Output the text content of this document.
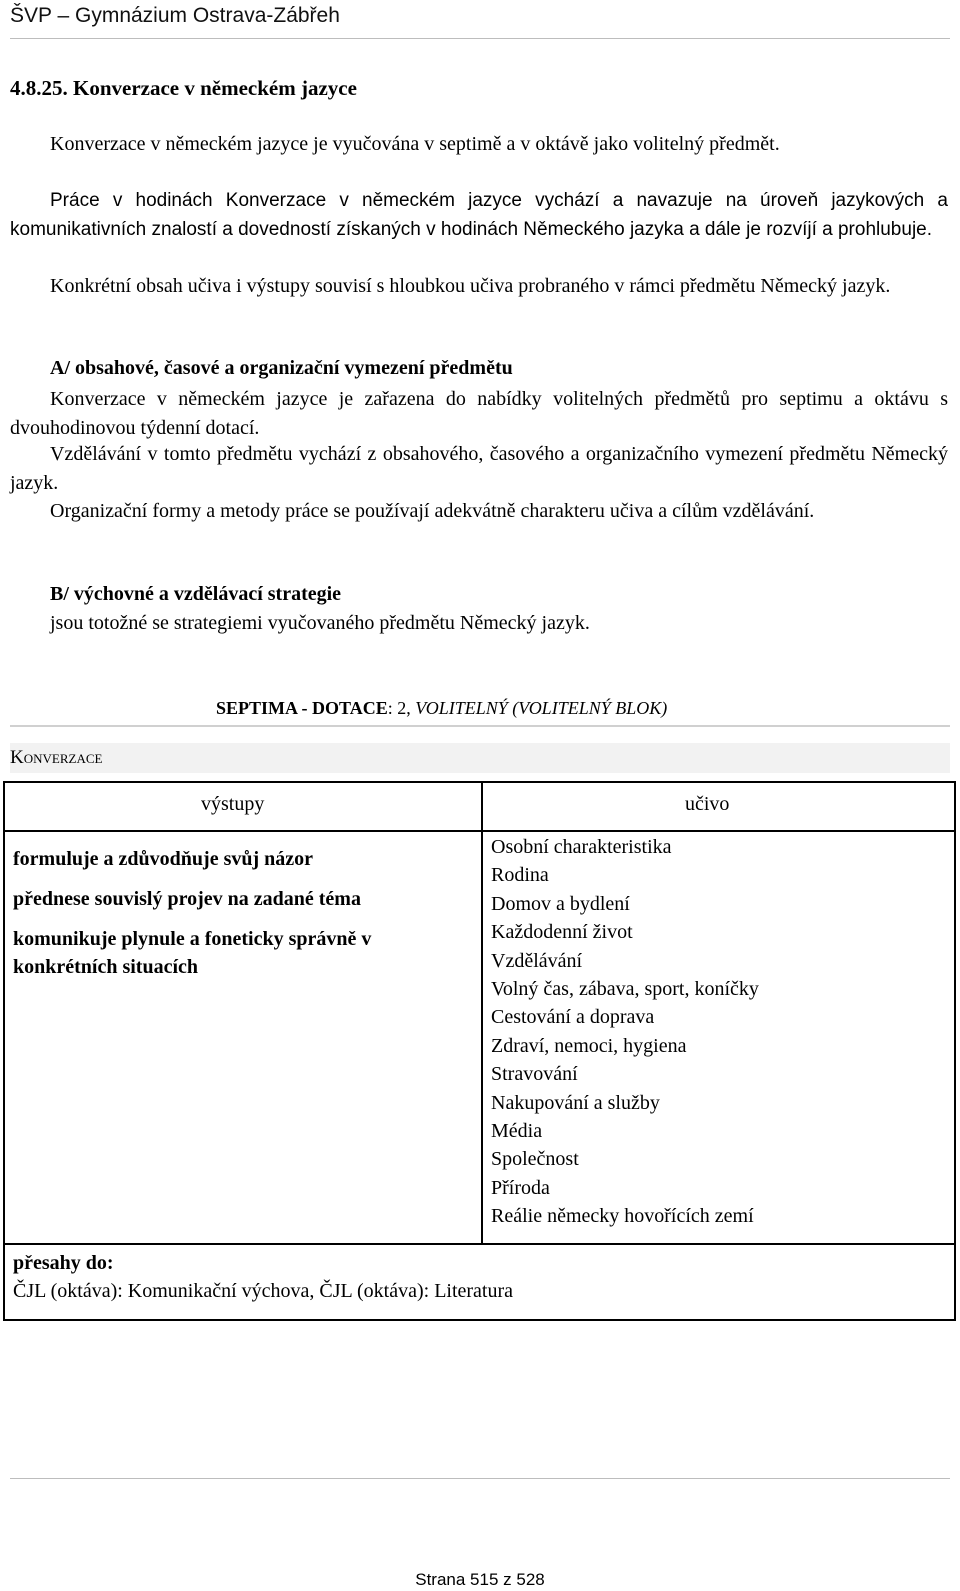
ŠVP – Gymnázium Ostrava-Zábřeh
4.8.25. Konverzace v německém jazyce
Konverzace v německém jazyce je vyučována v septimě a v oktávě jako volitelný předmět.
Práce v hodinách Konverzace v německém jazyce vychází a navazuje na úroveň jazykových a komunikativních znalostí a dovedností získaných v hodinách Německého jazyka a dále je rozvíjí a prohlubuje.
Konkrétní obsah učiva i výstupy souvisí s hloubkou učiva probraného v rámci předmětu Německý jazyk.
A/ obsahové, časové a organizační vymezení předmětu
Konverzace v německém jazyce je zařazena do nabídky volitelných předmětů pro septimu a oktávu s dvouhodinovou týdenní dotací.
Vzdělávání v tomto předmětu vychází z obsahového, časového a organizačního vymezení předmětu Německý jazyk.
Organizační formy a metody práce se používají adekvátně charakteru učiva a cílům vzdělávání.
B/ výchovné a vzdělávací strategie
jsou totožné se strategiemi vyučovaného předmětu Německý jazyk.
SEPTIMA - DOTACE: 2, VOLITELNÝ (VOLITELNÝ BLOK)
Konverzace
výstupy	učivo
formuluje a zdůvodňuje svůj názor
přednese souvislý projev na zadané téma
komunikuje plynule a foneticky správně v konkrétních situacích
Osobní charakteristika
Rodina
Domov a bydlení
Každodenní život
Vzdělávání
Volný čas, zábava, sport, koníčky
Cestování a doprava
Zdraví, nemoci, hygiena
Stravování
Nakupování a služby
Média
Společnost
Příroda
Reálie německy hovořících zemí
přesahy do:
ČJL (oktáva): Komunikační výchova, ČJL (oktáva): Literatura
Strana 515 z 528
